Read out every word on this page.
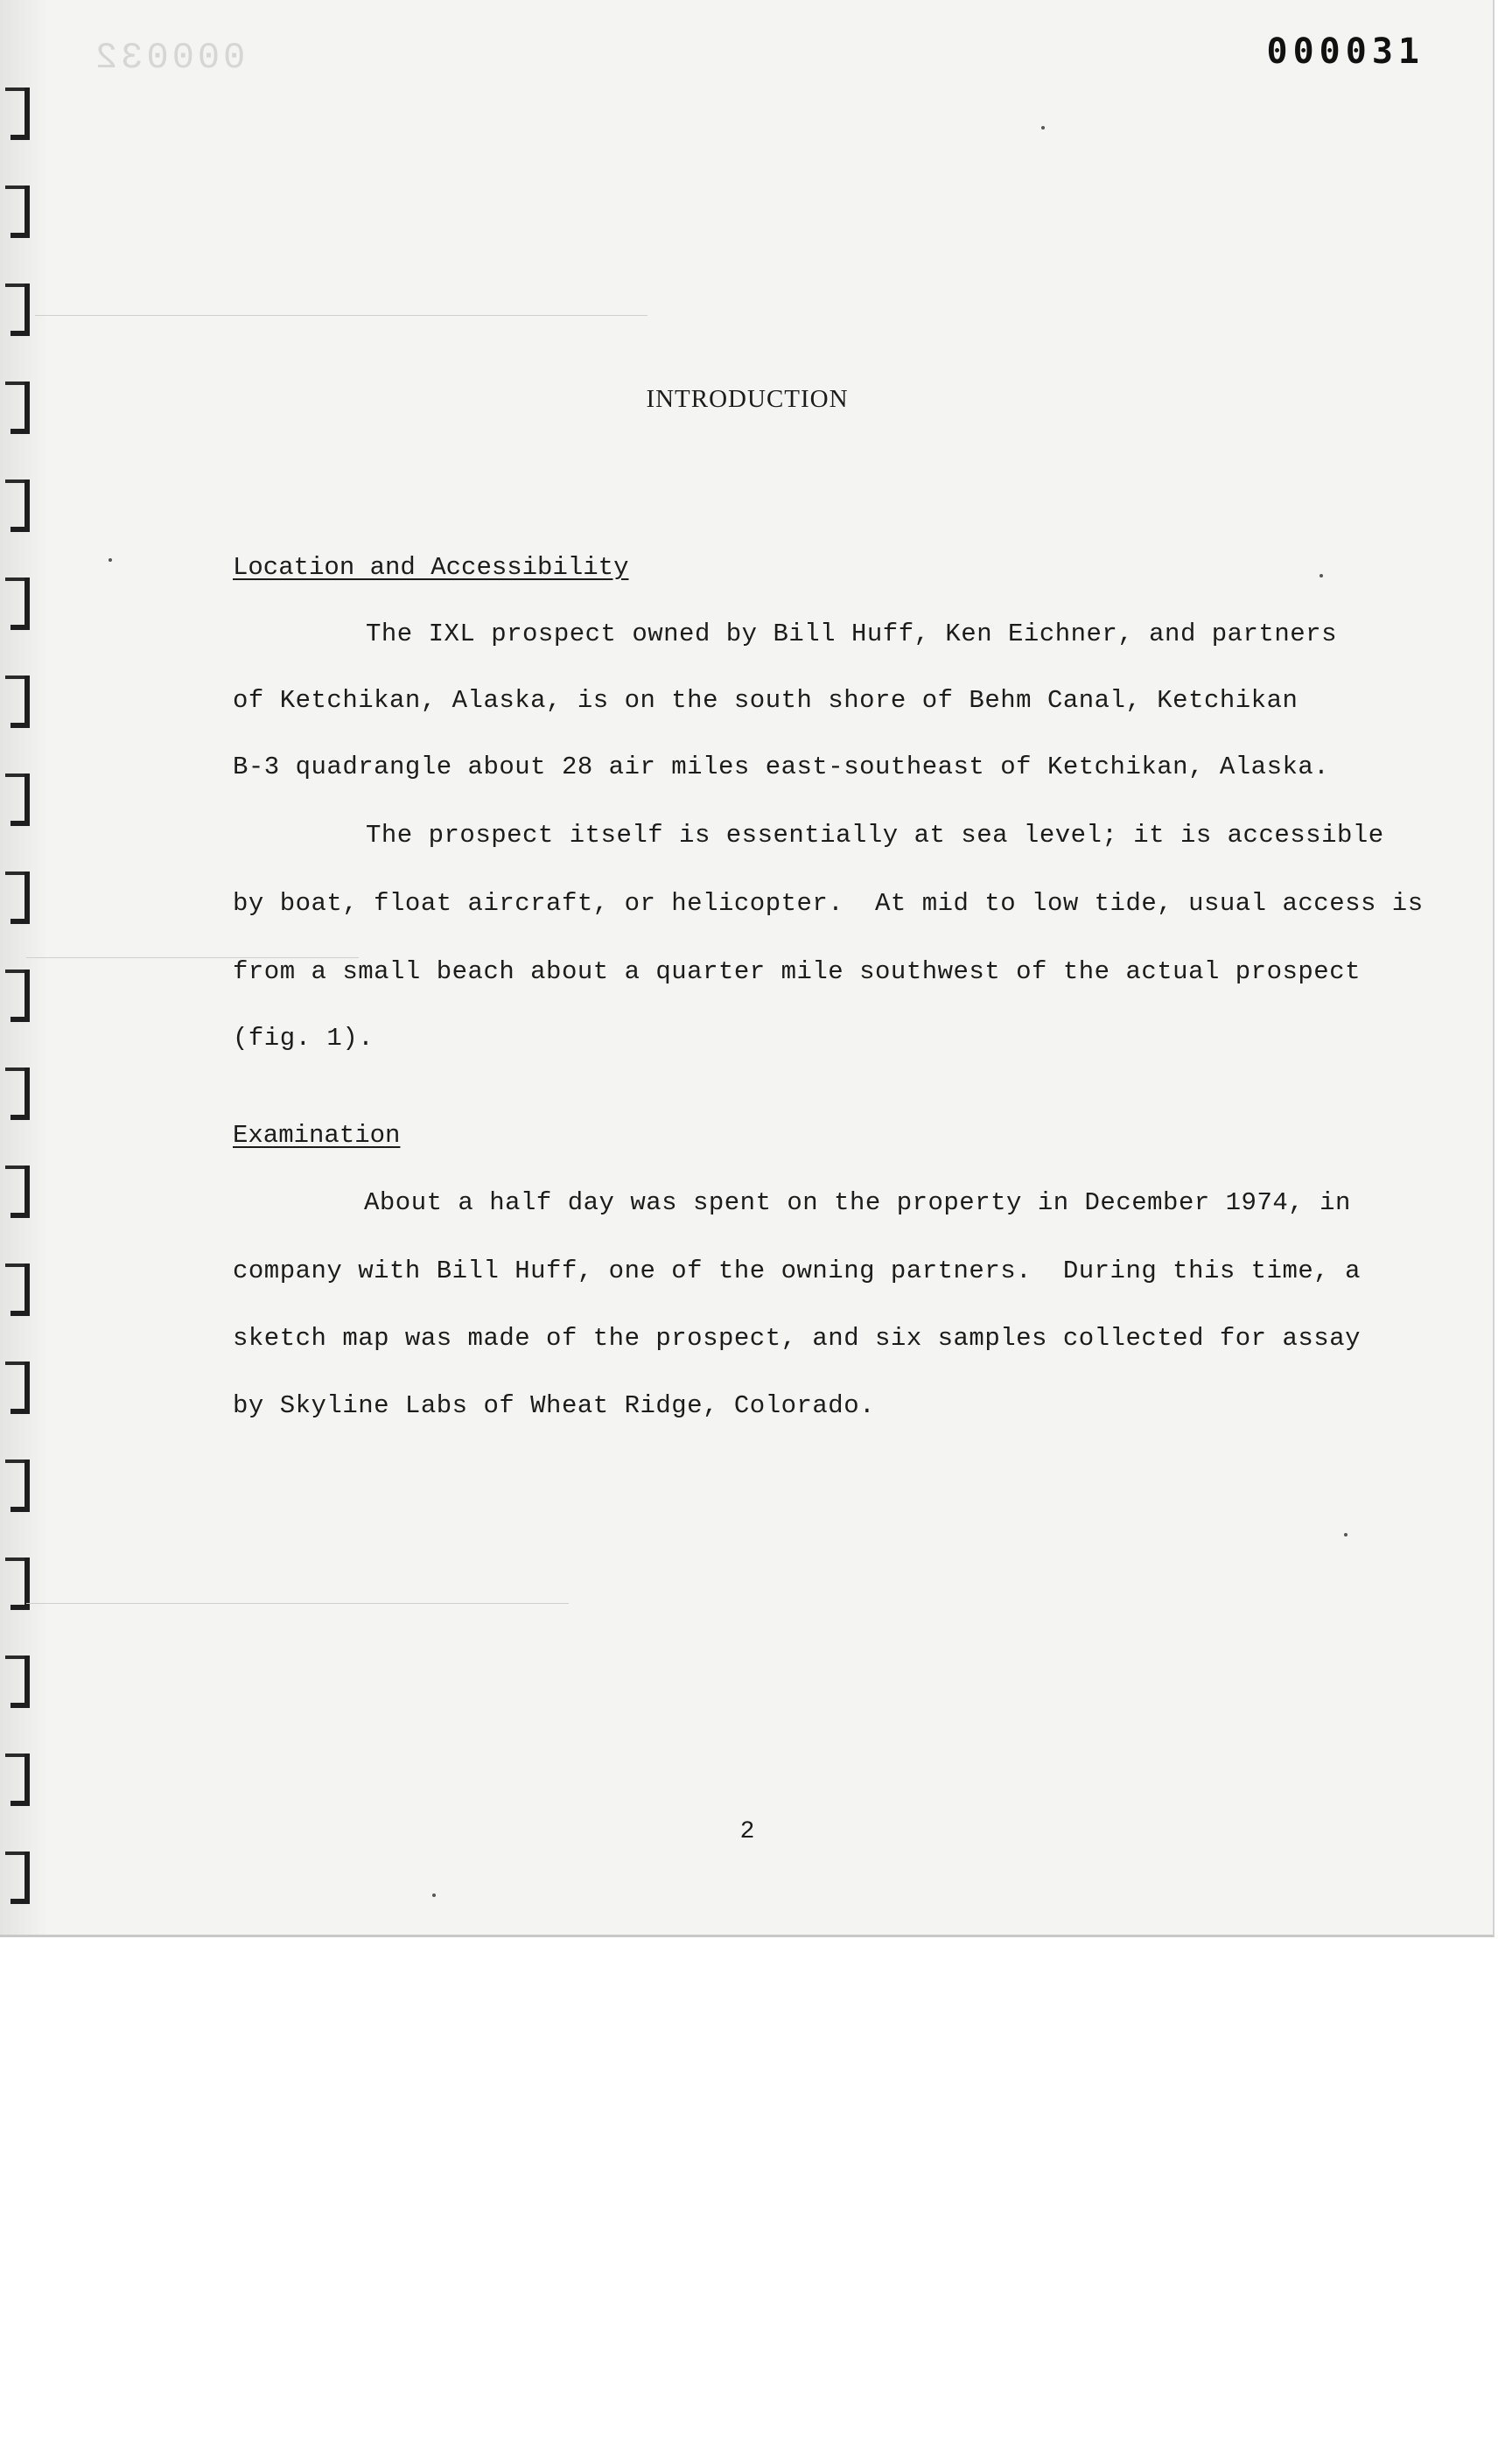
000032	000031
INTRODUCTION
Location and Accessibility
The IXL prospect owned by Bill Huff, Ken Eichner, and partners
of Ketchikan, Alaska, is on the south shore of Behm Canal, Ketchikan
B-3 quadrangle about 28 air miles east-southeast of Ketchikan, Alaska.
The prospect itself is essentially at sea level; it is accessible
by boat, float aircraft, or helicopter.  At mid to low tide, usual access is
from a small beach about a quarter mile southwest of the actual prospect
(fig. 1).
Examination
About a half day was spent on the property in December 1974, in
company with Bill Huff, one of the owning partners.  During this time, a
sketch map was made of the prospect, and six samples collected for assay
by Skyline Labs of Wheat Ridge, Colorado.
2
